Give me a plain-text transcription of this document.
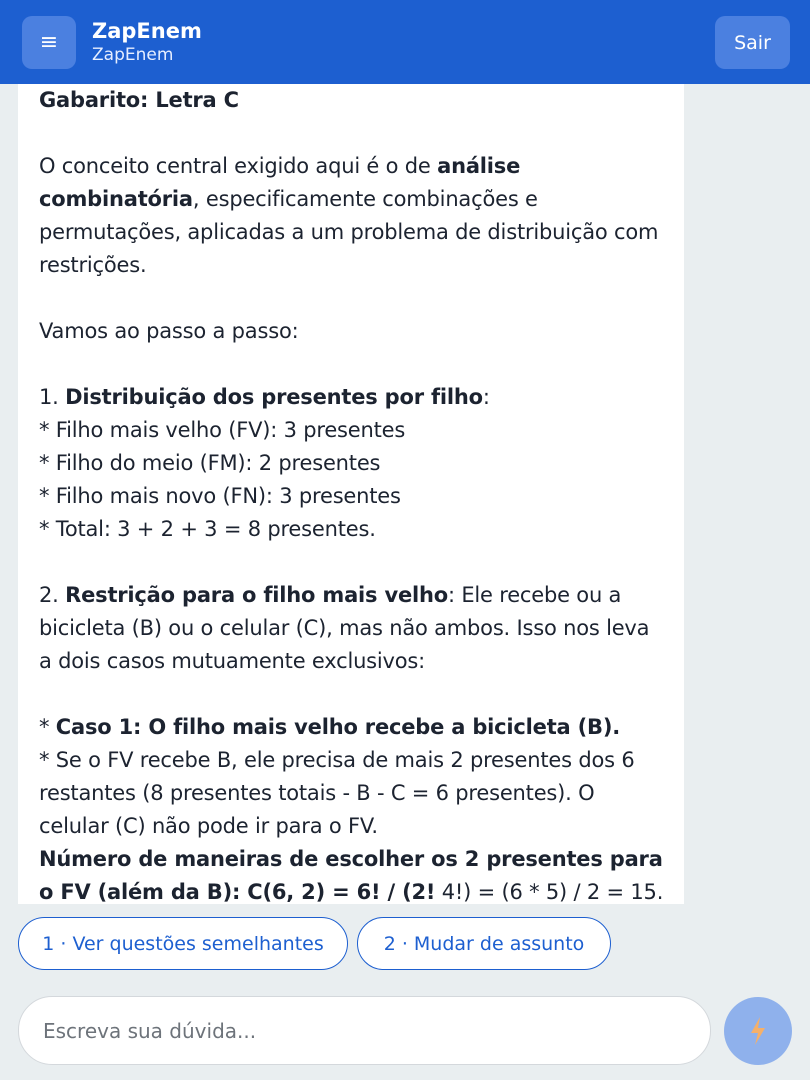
≡ ZapEnem
ZapEnem
Sair

Gabarito: Letra C

O conceito central exigido aqui é o de análise combinatória, especificamente combinações e permutações, aplicadas a um problema de distribuição com restrições.

Vamos ao passo a passo:

1. Distribuição dos presentes por filho:

* Filho mais velho (FV): 3 presentes

* Filho do meio (FM): 2 presentes

* Filho mais novo (FN): 3 presentes

* Total: 3 + 2 + 3 = 8 presentes.

2. Restrição para o filho mais velho: Ele recebe ou a bicicleta (B) ou o celular (C), mas não ambos. Isso nos leva a dois casos mutuamente exclusivos:

* Caso 1: O filho mais velho recebe a bicicleta (B).

* Se o FV recebe B, ele precisa de mais 2 presentes dos 6 restantes (8 presentes totais - B - C = 6 presentes). O celular (C) não pode ir para o FV.

Número de maneiras de escolher os 2 presentes para o FV (além da B): C(6, 2) = 6! / (2! 4!) = (6 * 5) / 2 = 15.

1 · Ver questões semelhantes	2 · Mudar de assunto
Escreva sua dúvida...
